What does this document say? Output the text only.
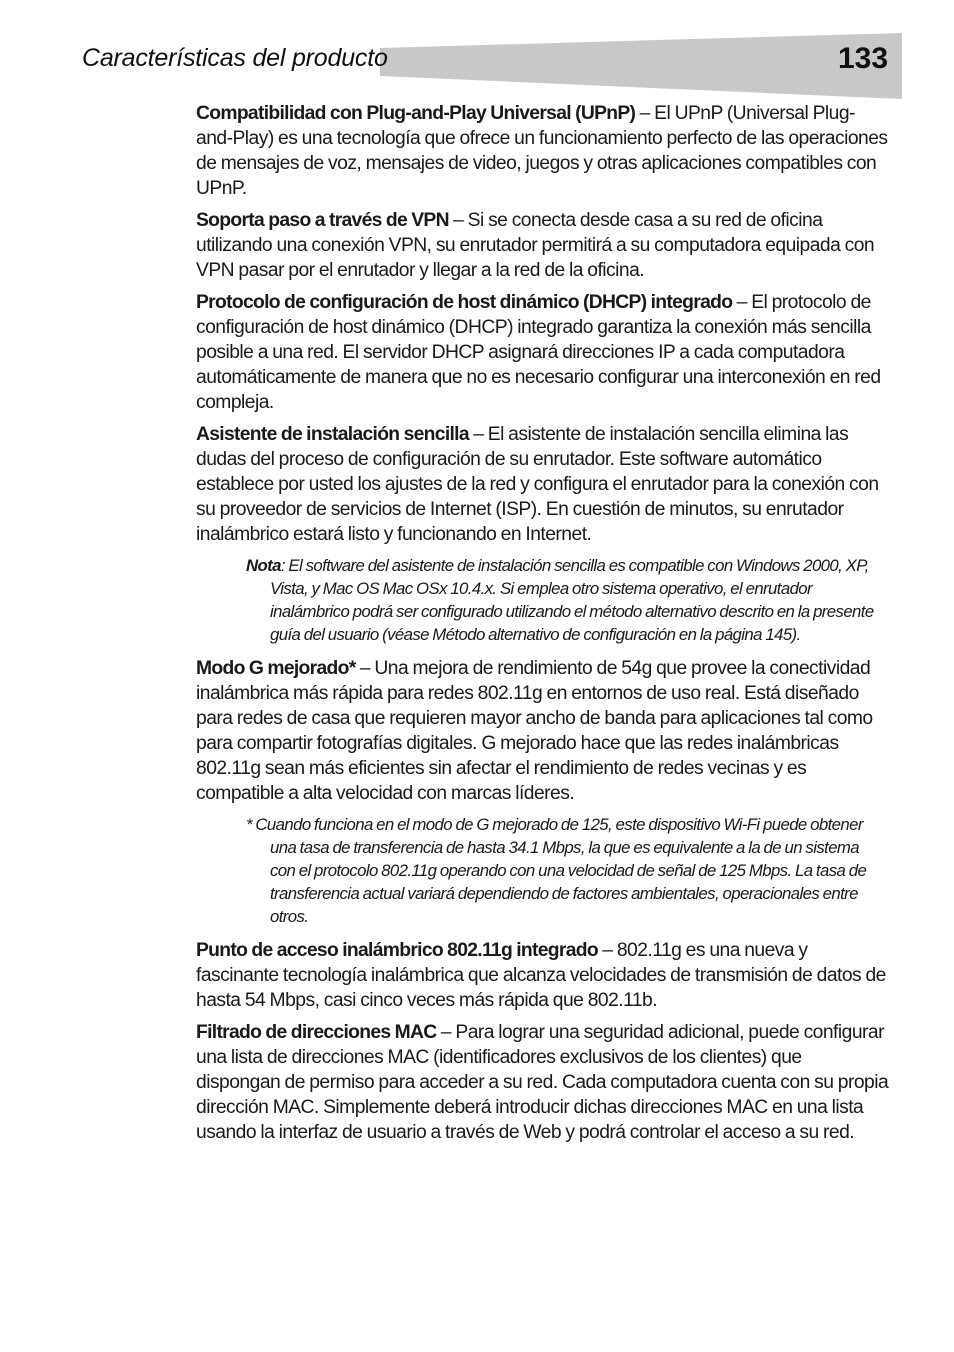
Características del producto	133

Compatibilidad con Plug-and-Play Universal (UPnP) – El UPnP (Universal Plug-and-Play) es una tecnología que ofrece un funcionamiento perfecto de las operaciones de mensajes de voz, mensajes de video, juegos y otras aplicaciones compatibles con UPnP.

Soporta paso a través de VPN – Si se conecta desde casa a su red de oficina utilizando una conexión VPN, su enrutador permitirá a su computadora equipada con VPN pasar por el enrutador y llegar a la red de la oficina.

Protocolo de configuración de host dinámico (DHCP) integrado – El protocolo de configuración de host dinámico (DHCP) integrado garantiza la conexión más sencilla posible a una red. El servidor DHCP asignará direcciones IP a cada computadora automáticamente de manera que no es necesario configurar una interconexión en red compleja.

Asistente de instalación sencilla – El asistente de instalación sencilla elimina las dudas del proceso de configuración de su enrutador. Este software automático establece por usted los ajustes de la red y configura el enrutador para la conexión con su proveedor de servicios de Internet (ISP). En cuestión de minutos, su enrutador inalámbrico estará listo y funcionando en Internet.

Nota: El software del asistente de instalación sencilla es compatible con Windows 2000, XP, Vista, y Mac OS Mac OSx 10.4.x. Si emplea otro sistema operativo, el enrutador inalámbrico podrá ser configurado utilizando el método alternativo descrito en la presente guía del usuario (véase Método alternativo de configuración en la página 145).

Modo G mejorado* – Una mejora de rendimiento de 54g que provee la conectividad inalámbrica más rápida para redes 802.11g en entornos de uso real. Está diseñado para redes de casa que requieren mayor ancho de banda para aplicaciones tal como para compartir fotografías digitales. G mejorado hace que las redes inalámbricas 802.11g sean más eficientes sin afectar el rendimiento de redes vecinas y es compatible a alta velocidad con marcas líderes.

* Cuando funciona en el modo de G mejorado de 125, este dispositivo Wi-Fi puede obtener una tasa de transferencia de hasta 34.1 Mbps, la que es equivalente a la de un sistema con el protocolo 802.11g operando con una velocidad de señal de 125 Mbps. La tasa de transferencia actual variará dependiendo de factores ambientales, operacionales entre otros.

Punto de acceso inalámbrico 802.11g integrado – 802.11g es una nueva y fascinante tecnología inalámbrica que alcanza velocidades de transmisión de datos de hasta 54 Mbps, casi cinco veces más rápida que 802.11b.

Filtrado de direcciones MAC – Para lograr una seguridad adicional, puede configurar una lista de direcciones MAC (identificadores exclusivos de los clientes) que dispongan de permiso para acceder a su red. Cada computadora cuenta con su propia dirección MAC. Simplemente deberá introducir dichas direcciones MAC en una lista usando la interfaz de usuario a través de Web y podrá controlar el acceso a su red.
